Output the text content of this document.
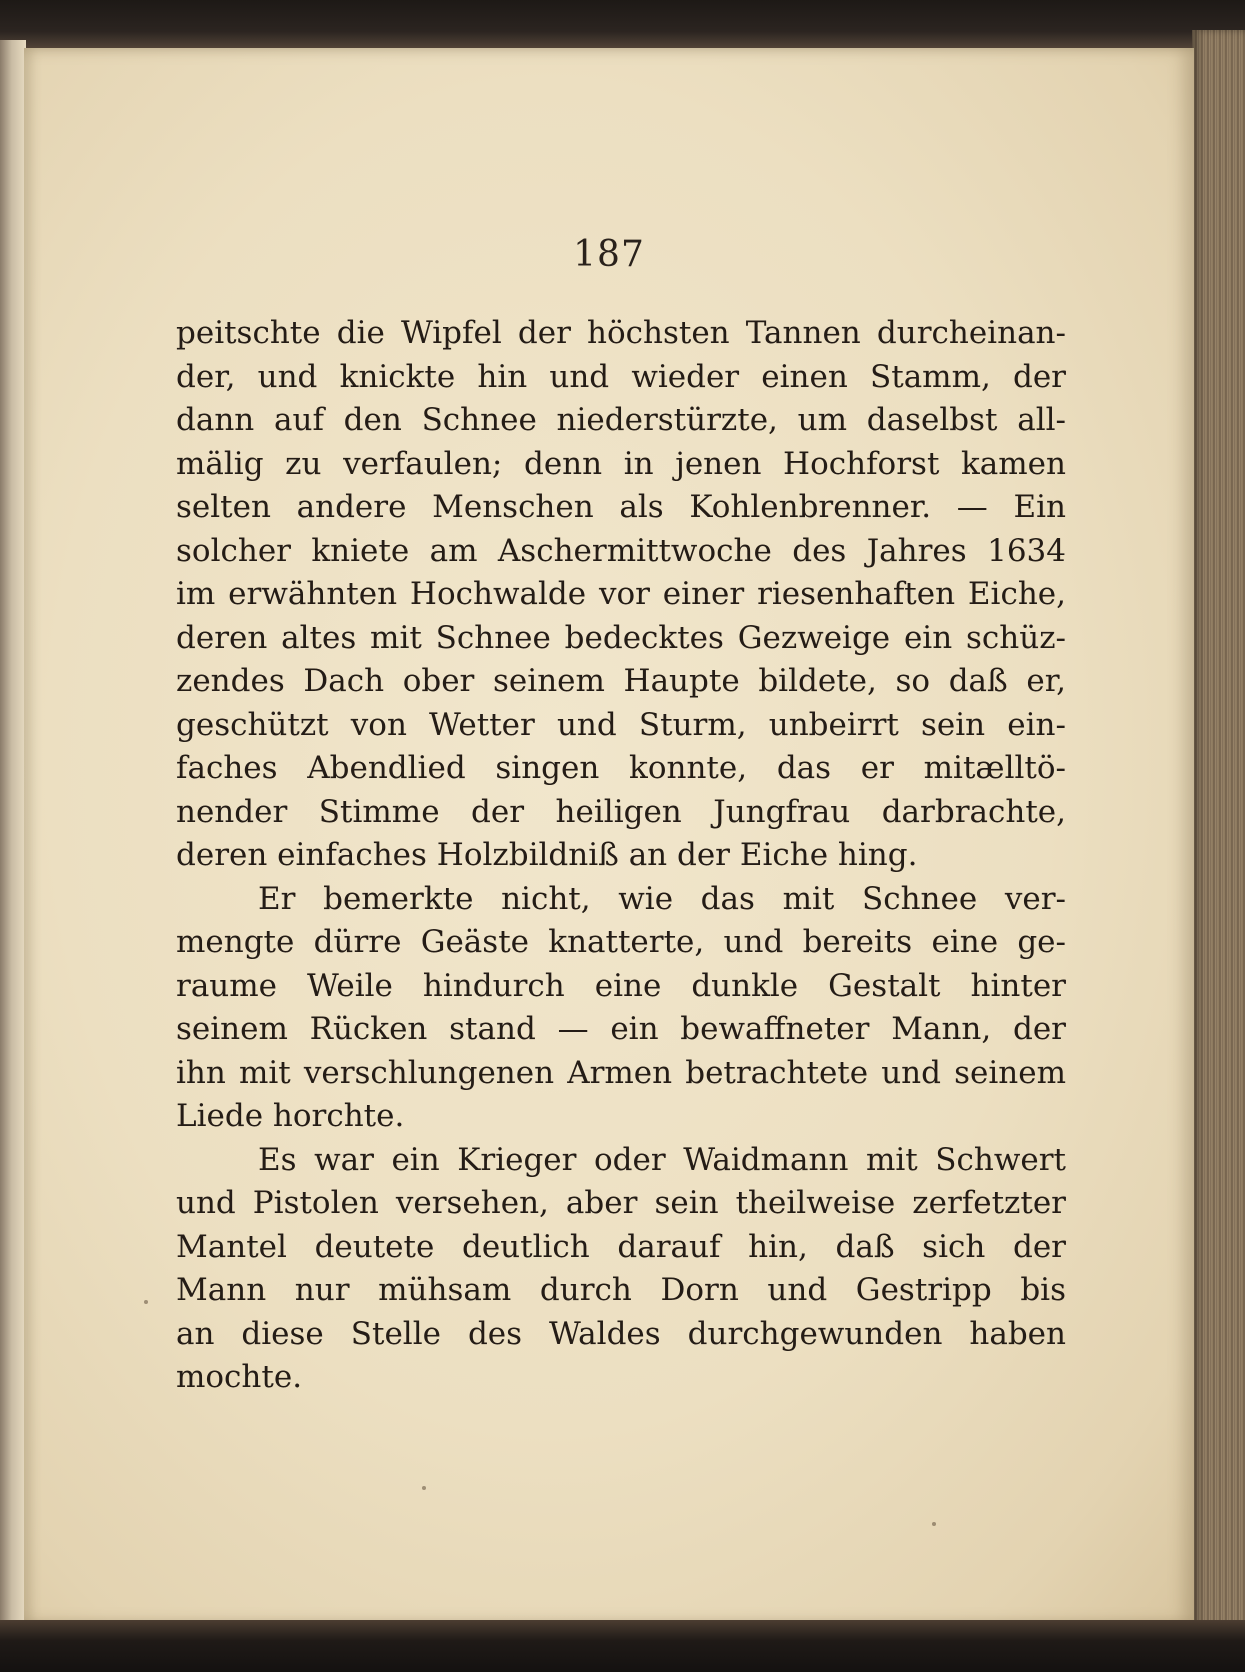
187
peitschte die Wipfel der höchsten Tannen durcheinan-
der, und knickte hin und wieder einen Stamm, der
dann auf den Schnee niederstürzte, um daselbst all-
mälig zu verfaulen; denn in jenen Hochforst kamen
selten andere Menschen als Kohlenbrenner. — Ein
solcher kniete am Aschermittwoche des Jahres 1634
im erwähnten Hochwalde vor einer riesenhaften Eiche,
deren altes mit Schnee bedecktes Gezweige ein schüz-
zendes Dach ober seinem Haupte bildete, so daß er,
geschützt von Wetter und Sturm, unbeirrt sein ein-
faches Abendlied singen konnte, das er mitælltö-
nender Stimme der heiligen Jungfrau darbrachte,
deren einfaches Holzbildniß an der Eiche hing.
Er bemerkte nicht, wie das mit Schnee ver-
mengte dürre Geäste knatterte, und bereits eine ge-
raume Weile hindurch eine dunkle Gestalt hinter
seinem Rücken stand — ein bewaffneter Mann, der
ihn mit verschlungenen Armen betrachtete und seinem
Liede horchte.
Es war ein Krieger oder Waidmann mit Schwert
und Pistolen versehen, aber sein theilweise zerfetzter
Mantel deutete deutlich darauf hin, daß sich der
Mann nur mühsam durch Dorn und Gestripp bis
an diese Stelle des Waldes durchgewunden haben
mochte.
